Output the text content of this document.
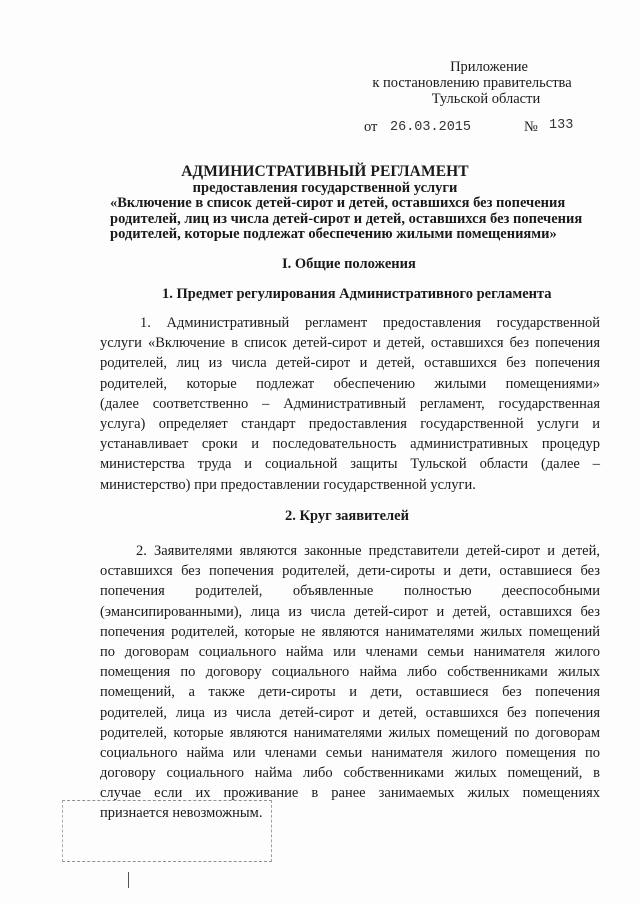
Приложение
к постановлению правительства
Тульской области
от 26.03.2015	№ 133
АДМИНИСТРАТИВНЫЙ РЕГЛАМЕНТ
предоставления государственной услуги
«Включение в список детей-сирот и детей, оставшихся без попечения
родителей, лиц из числа детей-сирот и детей, оставшихся без попечения
родителей, которые подлежат обеспечению жилыми помещениями»
I. Общие положения
1. Предмет регулирования Административного регламента
1. Административный регламент предоставления государственной
услуги «Включение в список детей-сирот и детей, оставшихся без попечения
родителей, лиц из числа детей-сирот и детей, оставшихся без попечения
родителей, которые подлежат обеспечению жилыми помещениями»
(далее соответственно – Административный регламент, государственная
услуга) определяет стандарт предоставления государственной услуги и
устанавливает сроки и последовательность административных процедур
министерства труда и социальной защиты Тульской области (далее –
министерство) при предоставлении государственной услуги.
2. Круг заявителей
2. Заявителями являются законные представители детей-сирот и детей,
оставшихся без попечения родителей, дети-сироты и дети, оставшиеся без
попечения родителей, объявленные полностью дееспособными
(эмансипированными), лица из числа детей-сирот и детей, оставшихся без
попечения родителей, которые не являются нанимателями жилых помещений
по договорам социального найма или членами семьи нанимателя жилого
помещения по договору социального найма либо собственниками жилых
помещений, а также дети-сироты и дети, оставшиеся без попечения
родителей, лица из числа детей-сирот и детей, оставшихся без попечения
родителей, которые являются нанимателями жилых помещений по договорам
социального найма или членами семьи нанимателя жилого помещения по
договору социального найма либо собственниками жилых помещений, в
случае если их проживание в ранее занимаемых жилых помещениях
признается невозможным.
